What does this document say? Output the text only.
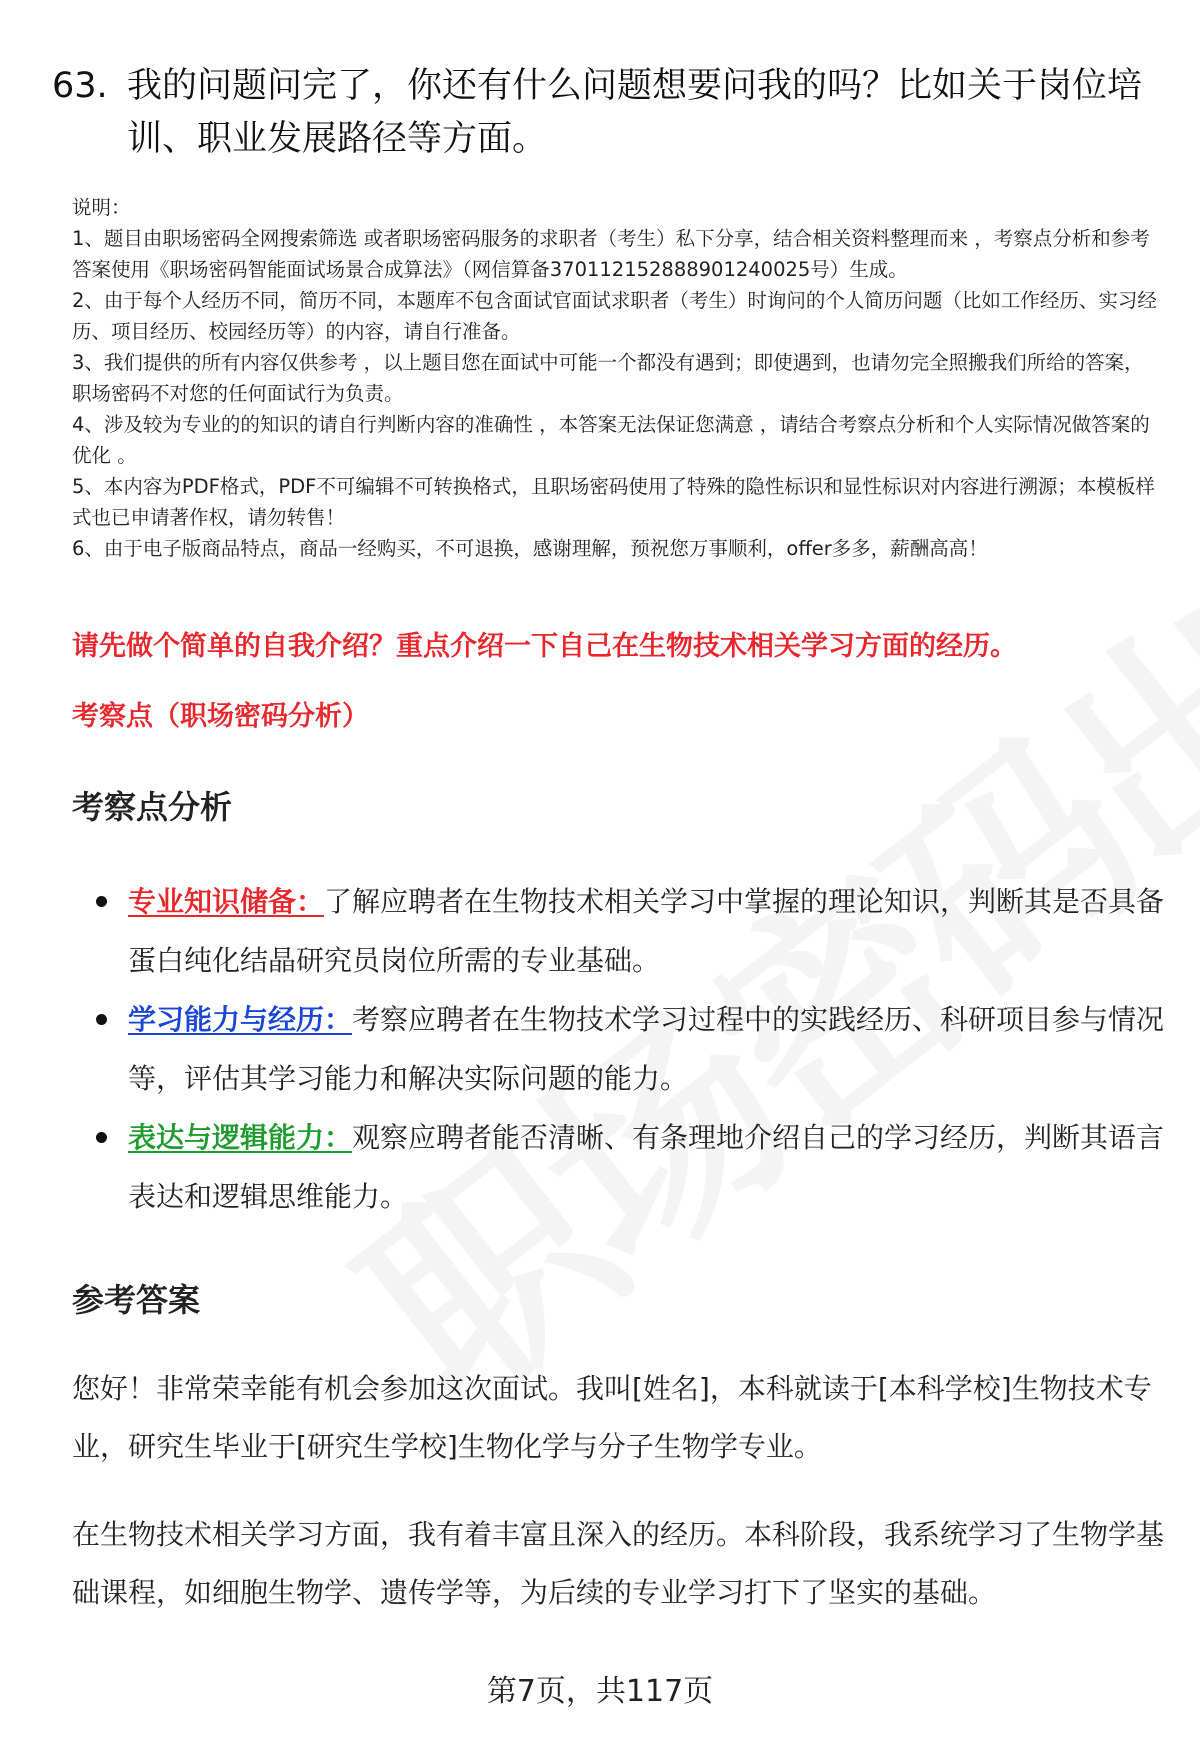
63. 我的问题问完了，你还有什么问题想要问我的吗？比如关于岗位培训、职业发展路径等方面。

说明：

1、题目由职场密码全网搜索筛选 或者职场密码服务的求职者（考生）私下分享，结合相关资料整理而来 ，考察点分析和参考答案使用《职场密码智能面试场景合成算法》（网信算备370112152888901240025号）生成。

2、由于每个人经历不同，简历不同，本题库不包含面试官面试求职者（考生）时询问的个人简历问题（比如工作经历、实习经历、项目经历、校园经历等）的内容，请自行准备。

3、我们提供的所有内容仅供参考 ，以上题目您在面试中可能一个都没有遇到；即使遇到，也请勿完全照搬我们所给的答案，职场密码不对您的任何面试行为负责。

4、涉及较为专业的的知识的请自行判断内容的准确性 ，本答案无法保证您满意 ，请结合考察点分析和个人实际情况做答案的优化 。

5、本内容为PDF格式，PDF不可编辑不可转换格式，且职场密码使用了特殊的隐性标识和显性标识对内容进行溯源；本模板样式也已申请著作权，请勿转售！

6、由于电子版商品特点，商品一经购买，不可退换，感谢理解，预祝您万事顺利，offer多多，薪酬高高！

请先做个简单的自我介绍？重点介绍一下自己在生物技术相关学习方面的经历。
考察点（职场密码分析）
考察点分析
专业知识储备：了解应聘者在生物技术相关学习中掌握的理论知识，判断其是否具备蛋白纯化结晶研究员岗位所需的专业基础。
学习能力与经历：考察应聘者在生物技术学习过程中的实践经历、科研项目参与情况等，评估其学习能力和解决实际问题的能力。
表达与逻辑能力：观察应聘者能否清晰、有条理地介绍自己的学习经历，判断其语言表达和逻辑思维能力。
参考答案

您好！非常荣幸能有机会参加这次面试。我叫[姓名]，本科就读于[本科学校]生物技术专业，研究生毕业于[研究生学校]生物化学与分子生物学专业。

在生物技术相关学习方面，我有着丰富且深入的经历。本科阶段，我系统学习了生物学基础课程，如细胞生物学、遗传学等，为后续的专业学习打下了坚实的基础。

第7页，共117页
